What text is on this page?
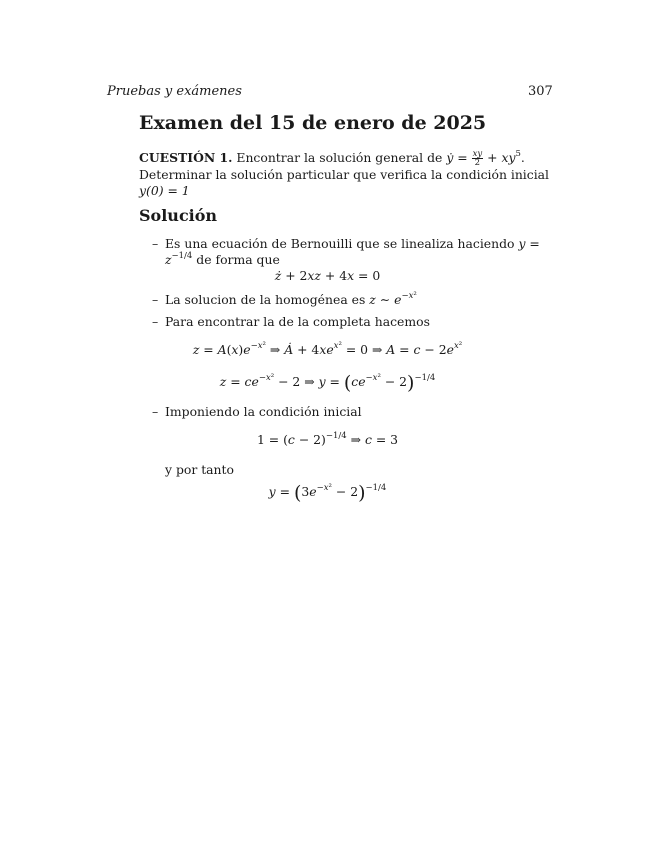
Pruebas y exámenes	307
Examen del 15 de enero de 2025
CUESTIÓN 1. Encontrar la solución general de ẏ = $\frac{xy}{2} + xy^5$. Determinar la solución particular que verifica la condición inicial y(0) = 1
Solución
– Es una ecuación de Bernouilli que se linealiza haciendo $y = z^{-1/4}$ de forma que
ż + 2xz + 4x = 0
– La solucion de la homogénea es z ∼ $e^{-x^2}$
– Para encontrar la de la completa hacemos
$z = A(x)e^{-x^2}$ ⇒ Ȧ + $4xe^{x^2} = 0$ ⇒ $A = c - 2e^{x^2}$
$z = ce^{-x^2} - 2$ ⇒ $y = (ce^{-x^2} - 2)^{-1/4}$
– Imponiendo la condición inicial
$1 = (c - 2)^{-1/4}$ ⇒ c = 3
y por tanto
$y = (3e^{-x^2} - 2)^{-1/4}$
